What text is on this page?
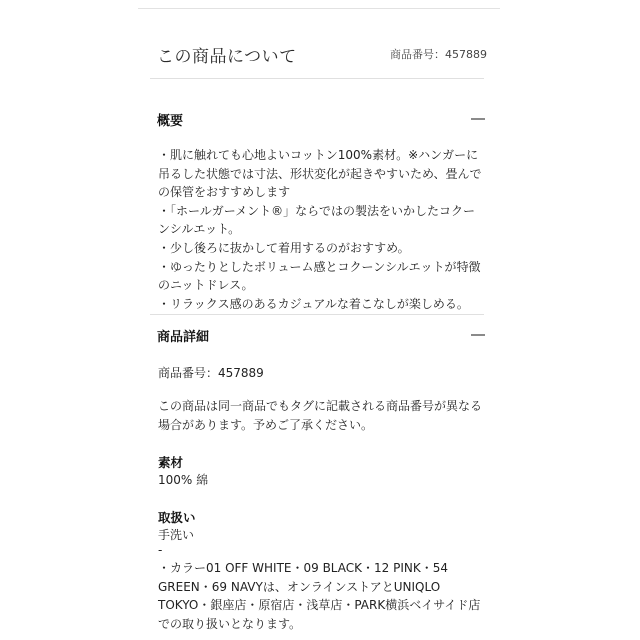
この商品について	商品番号：457889
概要
・肌に触れても心地よいコットン100%素材。※ハンガーに吊るした状態では寸法、形状変化が起きやすいため、畳んでの保管をおすすめします
・「ホールガーメント®」ならではの製法をいかしたコクーンシルエット。
・少し後ろに抜かして着用するのがおすすめ。
・ゆったりとしたボリューム感とコクーンシルエットが特徴のニットドレス。
・リラックス感のあるカジュアルな着こなしが楽しめる。
商品詳細
商品番号：457889
この商品は同一商品でもタグに記載される商品番号が異なる場合があります。予めご了承ください。
素材
100% 綿
取扱い
手洗い
-
・カラー01 OFF WHITE・09 BLACK・12 PINK・54 GREEN・69 NAVYは、オンラインストアとUNIQLO TOKYO・銀座店・原宿店・浅草店・PARK横浜ベイサイド店での取り扱いとなります。
